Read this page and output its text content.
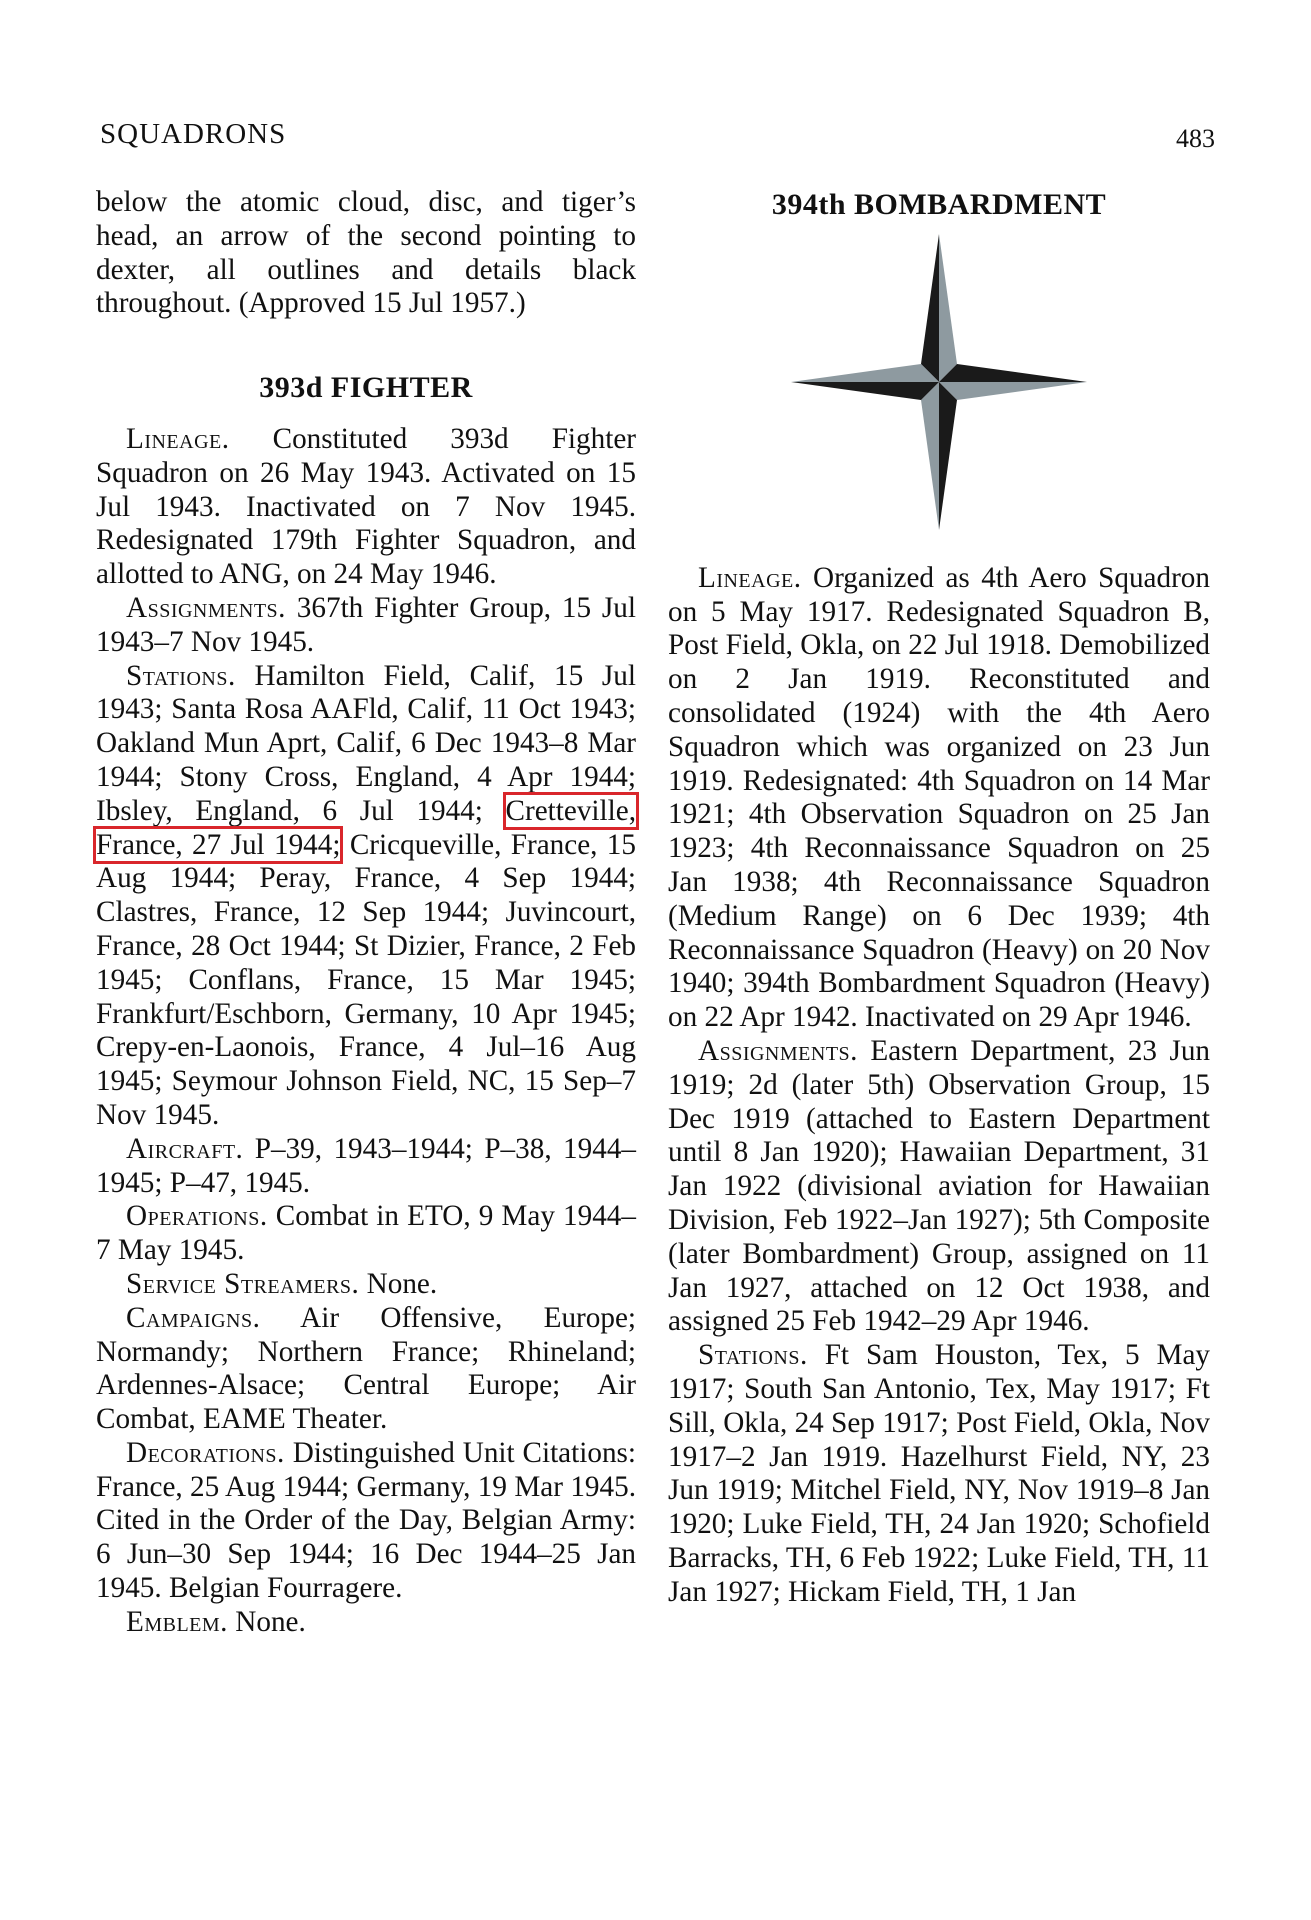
SQUADRONS	483

below the atomic cloud, disc, and tiger’s head, an arrow of the second pointing to dexter, all outlines and details black throughout. (Approved 15 Jul 1957.)

393d FIGHTER

Lineage. Constituted 393d Fighter Squadron on 26 May 1943. Activated on 15 Jul 1943. Inactivated on 7 Nov 1945. Redesignated 179th Fighter Squadron, and allotted to ANG, on 24 May 1946.

Assignments. 367th Fighter Group, 15 Jul 1943–7 Nov 1945.

Stations. Hamilton Field, Calif, 15 Jul 1943; Santa Rosa AAFld, Calif, 11 Oct 1943; Oakland Mun Aprt, Calif, 6 Dec 1943–8 Mar 1944; Stony Cross, England, 4 Apr 1944; Ibsley, England, 6 Jul 1944; Cretteville, France, 27 Jul 1944; Cricqueville, France, 15 Aug 1944; Peray, France, 4 Sep 1944; Clastres, France, 12 Sep 1944; Juvincourt, France, 28 Oct 1944; St Dizier, France, 2 Feb 1945; Conflans, France, 15 Mar 1945; Frankfurt/Eschborn, Germany, 10 Apr 1945; Crepy-en-Laonois, France, 4 Jul–16 Aug 1945; Seymour Johnson Field, NC, 15 Sep–7 Nov 1945.

Aircraft. P–39, 1943–1944; P–38, 1944–1945; P–47, 1945.

Operations. Combat in ETO, 9 May 1944–7 May 1945.

Service Streamers. None.

Campaigns. Air Offensive, Europe; Normandy; Northern France; Rhineland; Ardennes-Alsace; Central Europe; Air Combat, EAME Theater.

Decorations. Distinguished Unit Citations: France, 25 Aug 1944; Germany, 19 Mar 1945. Cited in the Order of the Day, Belgian Army: 6 Jun–30 Sep 1944; 16 Dec 1944–25 Jan 1945. Belgian Fourragere.

Emblem. None.

394th BOMBARDMENT

Lineage. Organized as 4th Aero Squadron on 5 May 1917. Redesignated Squadron B, Post Field, Okla, on 22 Jul 1918. Demobilized on 2 Jan 1919. Reconstituted and consolidated (1924) with the 4th Aero Squadron which was organized on 23 Jun 1919. Redesignated: 4th Squadron on 14 Mar 1921; 4th Observation Squadron on 25 Jan 1923; 4th Reconnaissance Squadron on 25 Jan 1938; 4th Reconnaissance Squadron (Medium Range) on 6 Dec 1939; 4th Reconnaissance Squadron (Heavy) on 20 Nov 1940; 394th Bombardment Squadron (Heavy) on 22 Apr 1942. Inactivated on 29 Apr 1946.

Assignments. Eastern Department, 23 Jun 1919; 2d (later 5th) Observation Group, 15 Dec 1919 (attached to Eastern Department until 8 Jan 1920); Hawaiian Department, 31 Jan 1922 (divisional aviation for Hawaiian Division, Feb 1922–Jan 1927); 5th Composite (later Bombardment) Group, assigned on 11 Jan 1927, attached on 12 Oct 1938, and assigned 25 Feb 1942–29 Apr 1946.

Stations. Ft Sam Houston, Tex, 5 May 1917; South San Antonio, Tex, May 1917; Ft Sill, Okla, 24 Sep 1917; Post Field, Okla, Nov 1917–2 Jan 1919. Hazelhurst Field, NY, 23 Jun 1919; Mitchel Field, NY, Nov 1919–8 Jan 1920; Luke Field, TH, 24 Jan 1920; Schofield Barracks, TH, 6 Feb 1922; Luke Field, TH, 11 Jan 1927; Hickam Field, TH, 1 Jan
